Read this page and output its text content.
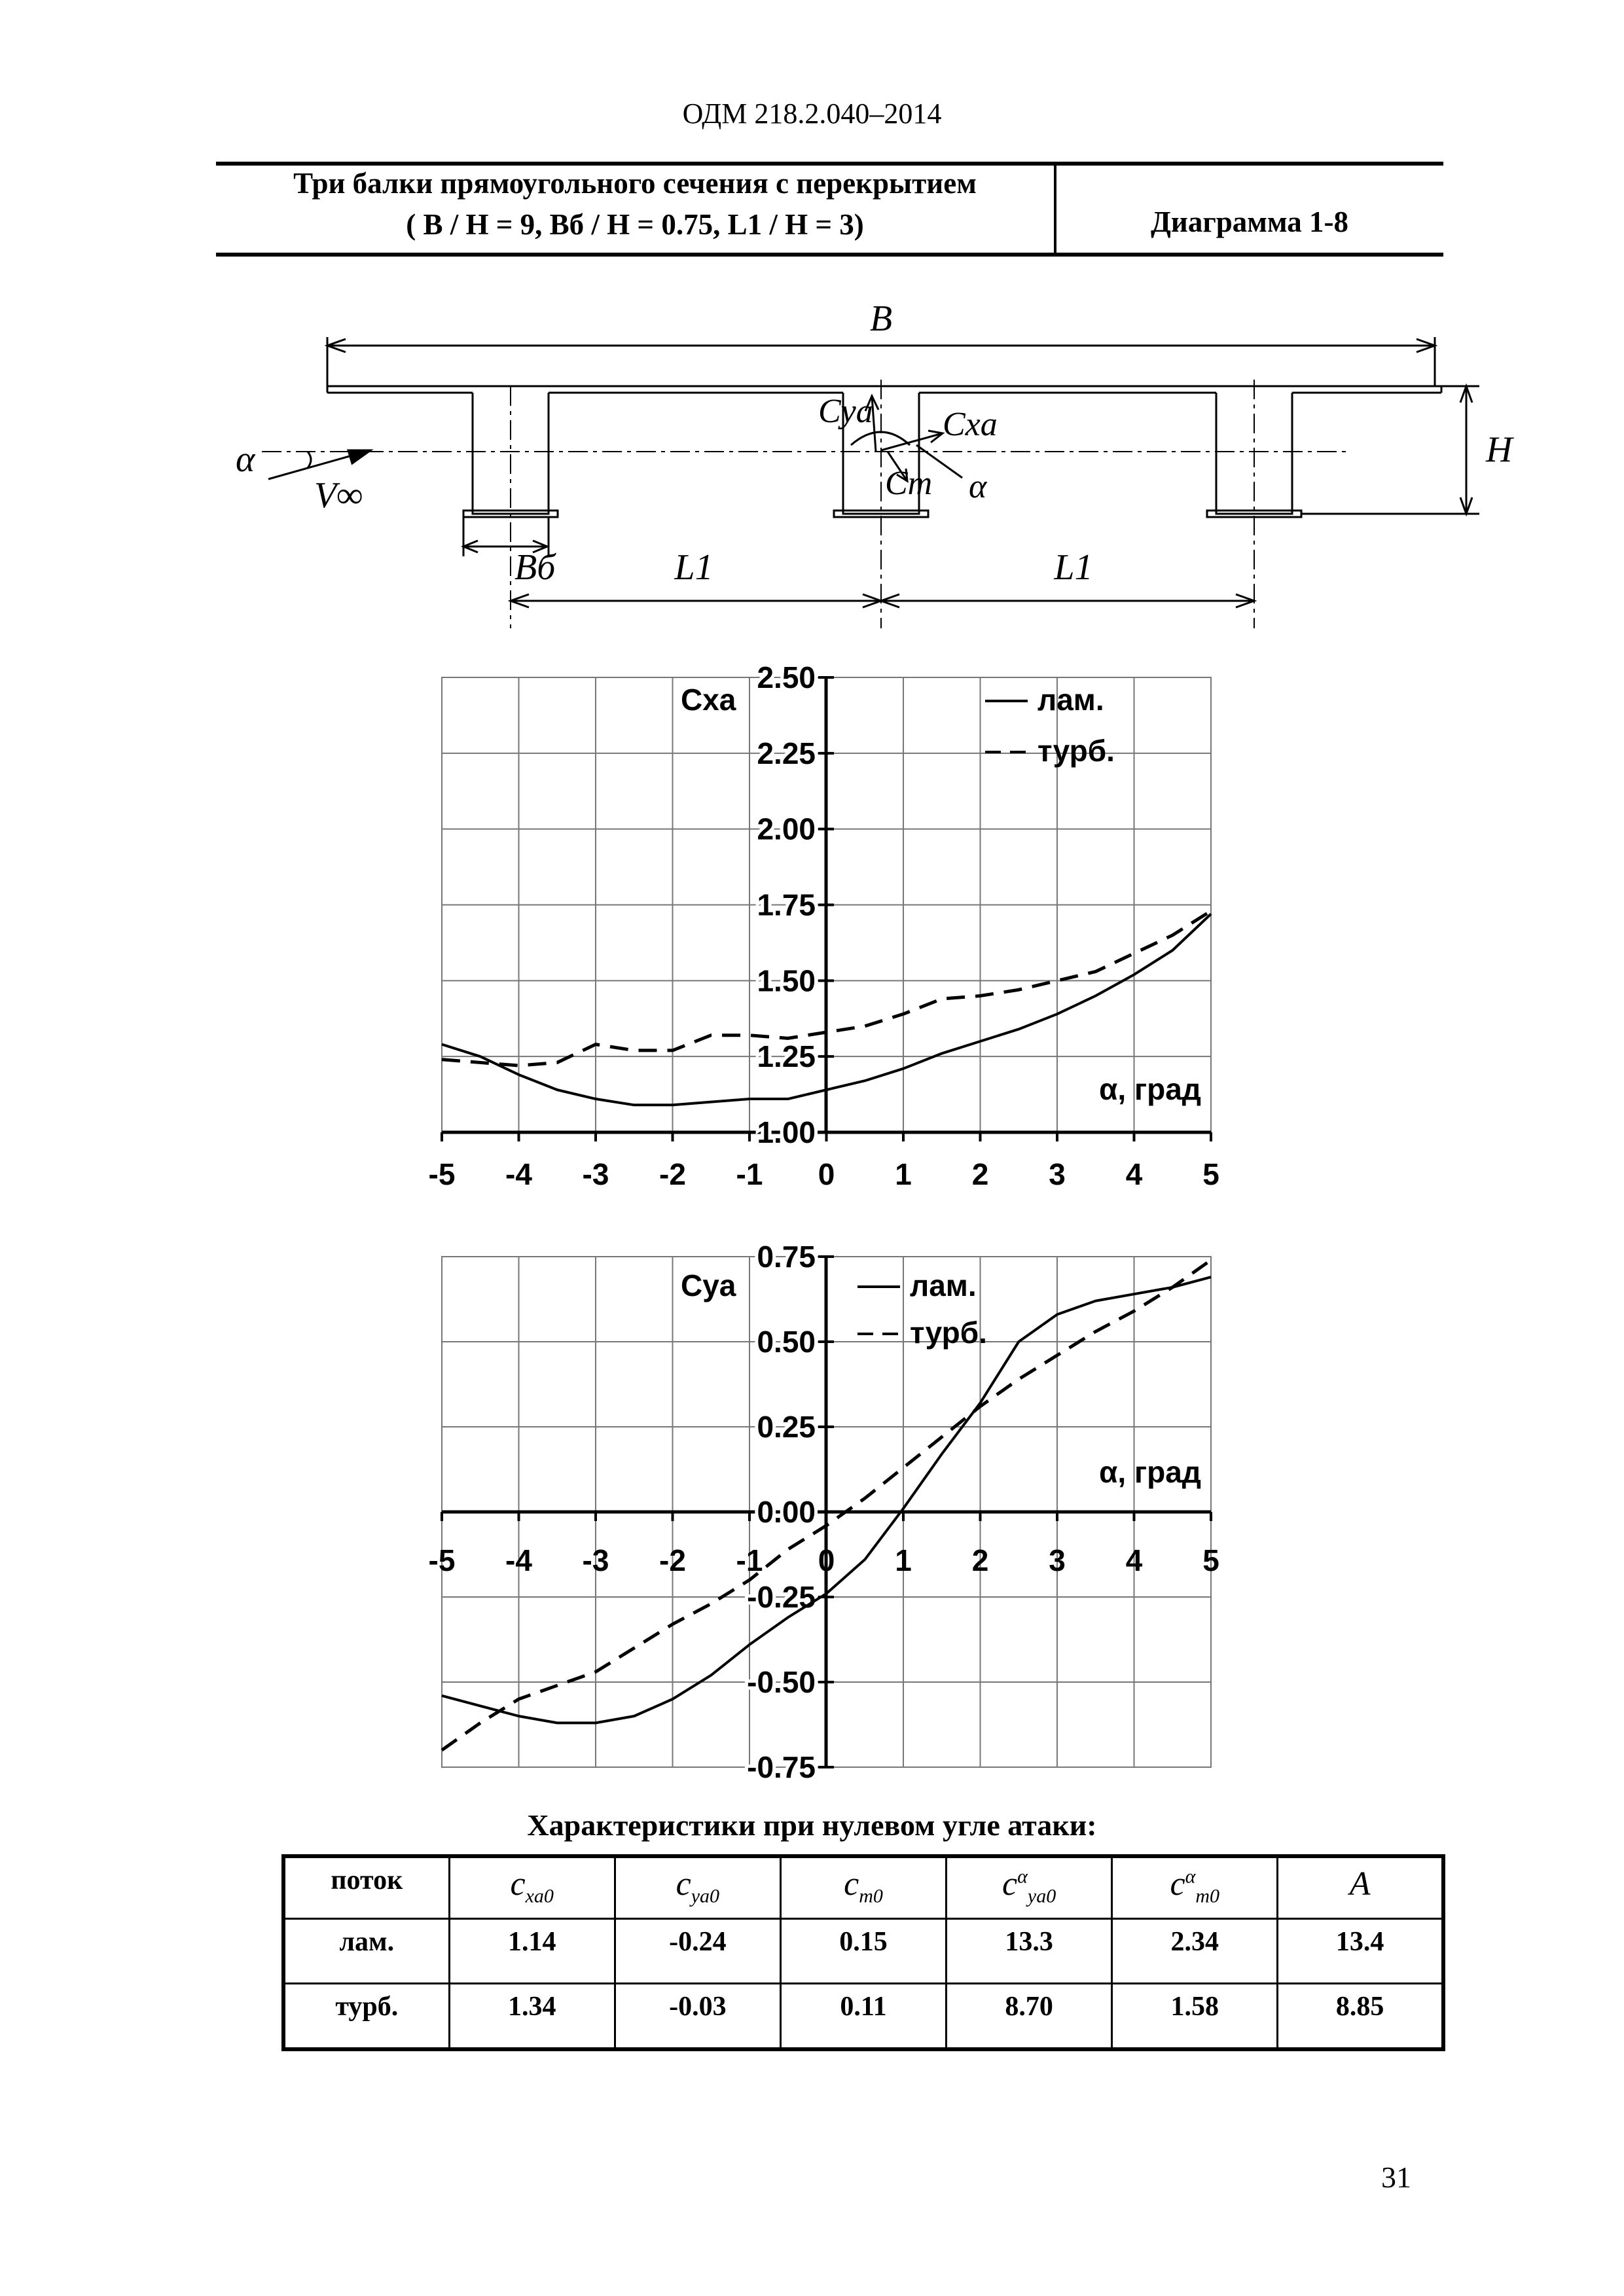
ОДМ 218.2.040–2014
Три балки прямоугольного сечения с перекрытием
( B / H = 9, Bб / H = 0.75, L1 / H = 3)	Диаграмма 1-8
B
H
α
V∞
Bб	L1	L1
Cya Cxa
Cm α
-5 -4 -3 -2 -1 0 1 2 3 4 5
1.00
1.25
1.50
1.75
2.00
2.25
2.50
Cxa
α, град
лам.
турб.
-5 -4 -3 -2 -1 0 1 2 3 4 5
-0.75
-0.50
-0.25
0.00
0.25
0.50
0.75
Cya
α, град
лам.
турб.
Характеристики при нулевом угле атаки:
поток	$c_{xa0}$	$c_{ya0}$	$c_{m0}$	$c^\alpha_{ya0}$	$c^\alpha_{m0}$	A
лам.	1.14	-0.24	0.15	13.3	2.34	13.4
турб.	1.34	-0.03	0.11	8.70	1.58	8.85
31
